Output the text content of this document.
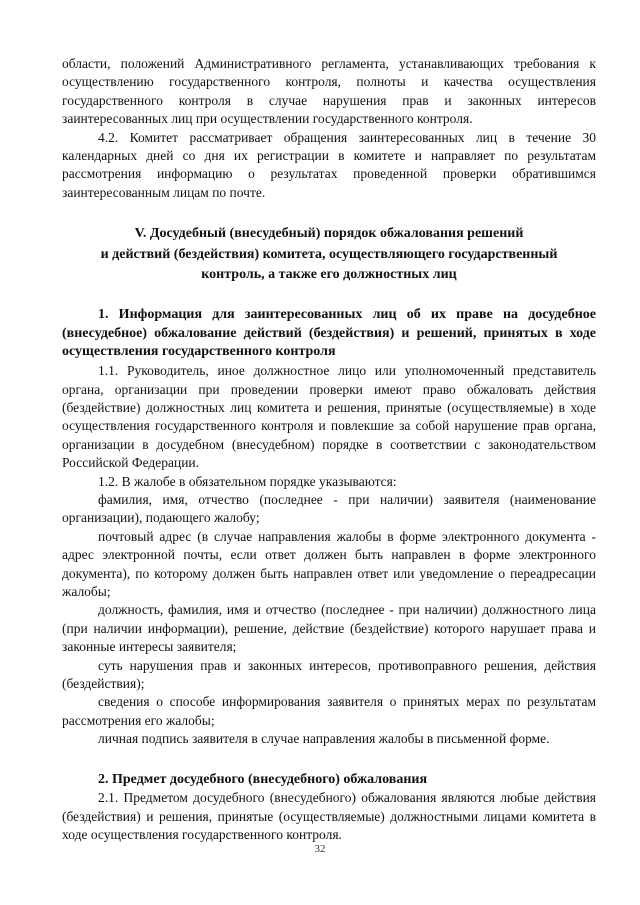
области, положений Административного регламента, устанавливающих требования к осуществлению государственного контроля, полноты и качества осуществления государственного контроля в случае нарушения прав и законных интересов заинтересованных лиц при осуществлении государственного контроля.

4.2. Комитет рассматривает обращения заинтересованных лиц в течение 30 календарных дней со дня их регистрации в комитете и направляет по результатам рассмотрения информацию о результатах проведенной проверки обратившимся заинтересованным лицам по почте.

V. Досудебный (внесудебный) порядок обжалования решений
и действий (бездействия) комитета, осуществляющего государственный
контроль, а также его должностных лиц

1. Информация для заинтересованных лиц об их праве на досудебное (внесудебное) обжалование действий (бездействия) и решений, принятых в ходе осуществления государственного контроля

1.1. Руководитель, иное должностное лицо или уполномоченный представитель органа, организации при проведении проверки имеют право обжаловать действия (бездействие) должностных лиц комитета и решения, принятые (осуществляемые) в ходе осуществления государственного контроля и повлекшие за собой нарушение прав органа, организации в досудебном (внесудебном) порядке в соответствии с законодательством Российской Федерации.

1.2. В жалобе в обязательном порядке указываются:

фамилия, имя, отчество (последнее - при наличии) заявителя (наименование организации), подающего жалобу;

почтовый адрес (в случае направления жалобы в форме электронного документа - адрес электронной почты, если ответ должен быть направлен в форме электронного документа), по которому должен быть направлен ответ или уведомление о переадресации жалобы;

должность, фамилия, имя и отчество (последнее - при наличии) должностного лица (при наличии информации), решение, действие (бездействие) которого нарушает права и законные интересы заявителя;

суть нарушения прав и законных интересов, противоправного решения, действия (бездействия);

сведения о способе информирования заявителя о принятых мерах по результатам рассмотрения его жалобы;

личная подпись заявителя в случае направления жалобы в письменной форме.

2. Предмет досудебного (внесудебного) обжалования

2.1. Предметом досудебного (внесудебного) обжалования являются любые действия (бездействия) и решения, принятые (осуществляемые) должностными лицами комитета в ходе осуществления государственного контроля.

32
